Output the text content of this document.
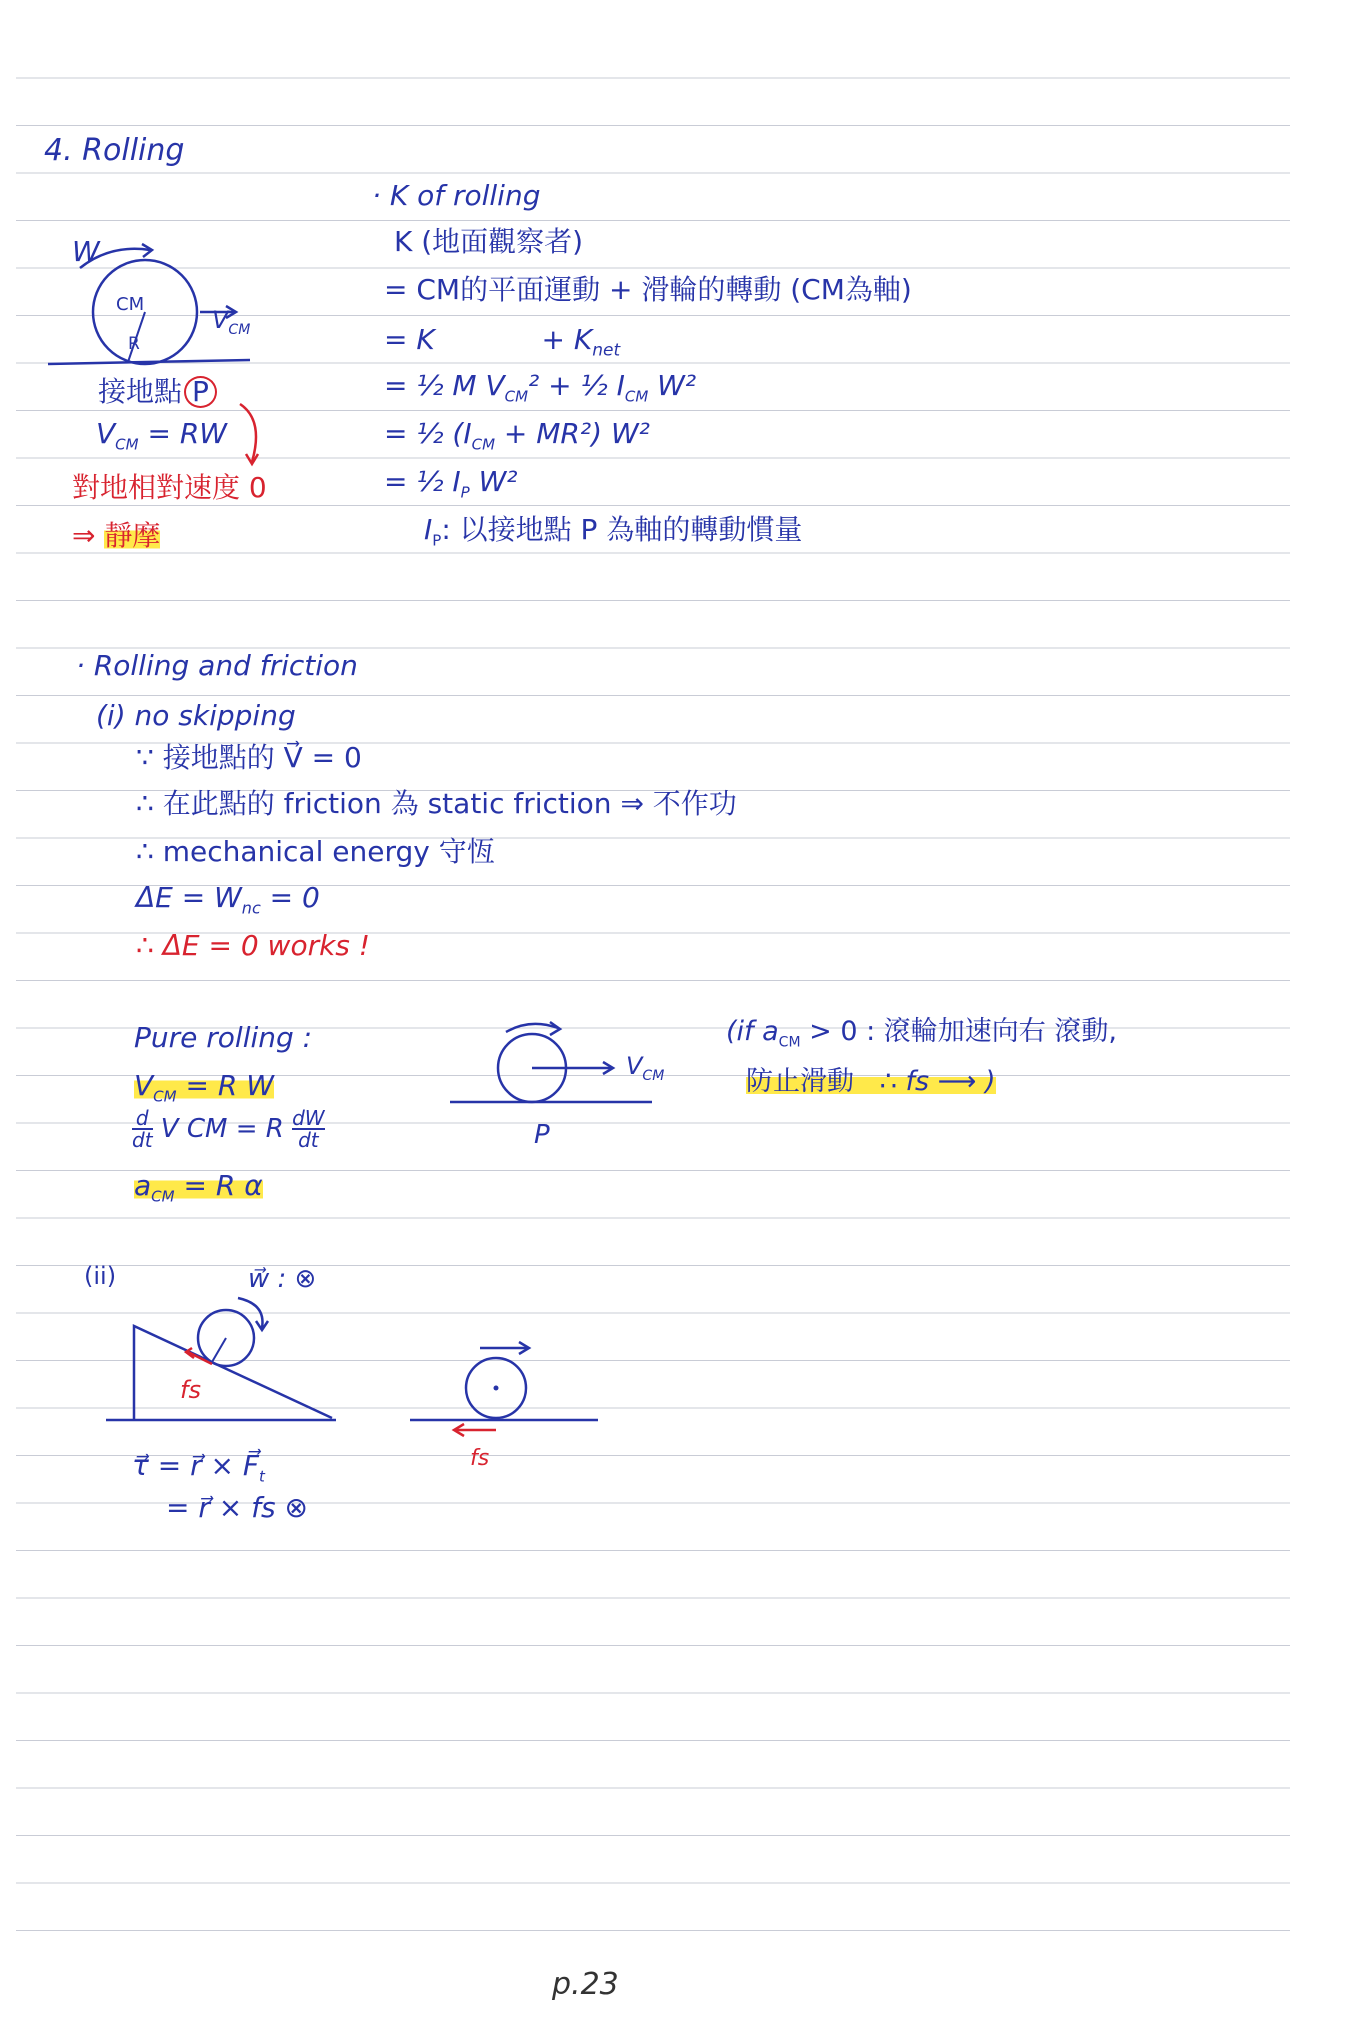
4. Rolling
W
CM
R
$V_{CM}$
接地點 P
$V_{CM}$ = RW
對地相對速度 0
⇒ 靜摩
· K of rolling
K (地面觀察者)
= CM的平面運動 + 滑輪的轉動 (CM為軸)
= K            + $K_{net}$
= ½ M $V_{CM}^2$ + ½ $I_{CM}$ W²
= ½ $(I_{CM} + MR^2)$ W²
= ½ $I_P$ W²
$I_P$: 以接地點 P 為軸的轉動慣量
· Rolling and friction
(i) no skipping
∵ 接地點的 V⃗ = 0
∴ 在此點的 friction 為 static friction ⇒ 不作功
∴ mechanical energy 守恆
$\Delta E = W_{nc} = 0$
∴ ΔE = 0 works !
Pure rolling :
$V_{CM} = R$ W
$\frac{d}{dt}$ V CM = R $\frac{dW}{dt}$
$a_{CM} = R$ α
$V_{CM}$
P
(if $a_{CM} > 0$ : 滾輪加速向右 滾動,
防止滑動 ∴ fs ⟶ )
(ii)	w⃗ : ⊗
fs
fs
τ⃗ = r⃗ × $F⃗_t$
= r⃗ × fs ⊗
p.23
